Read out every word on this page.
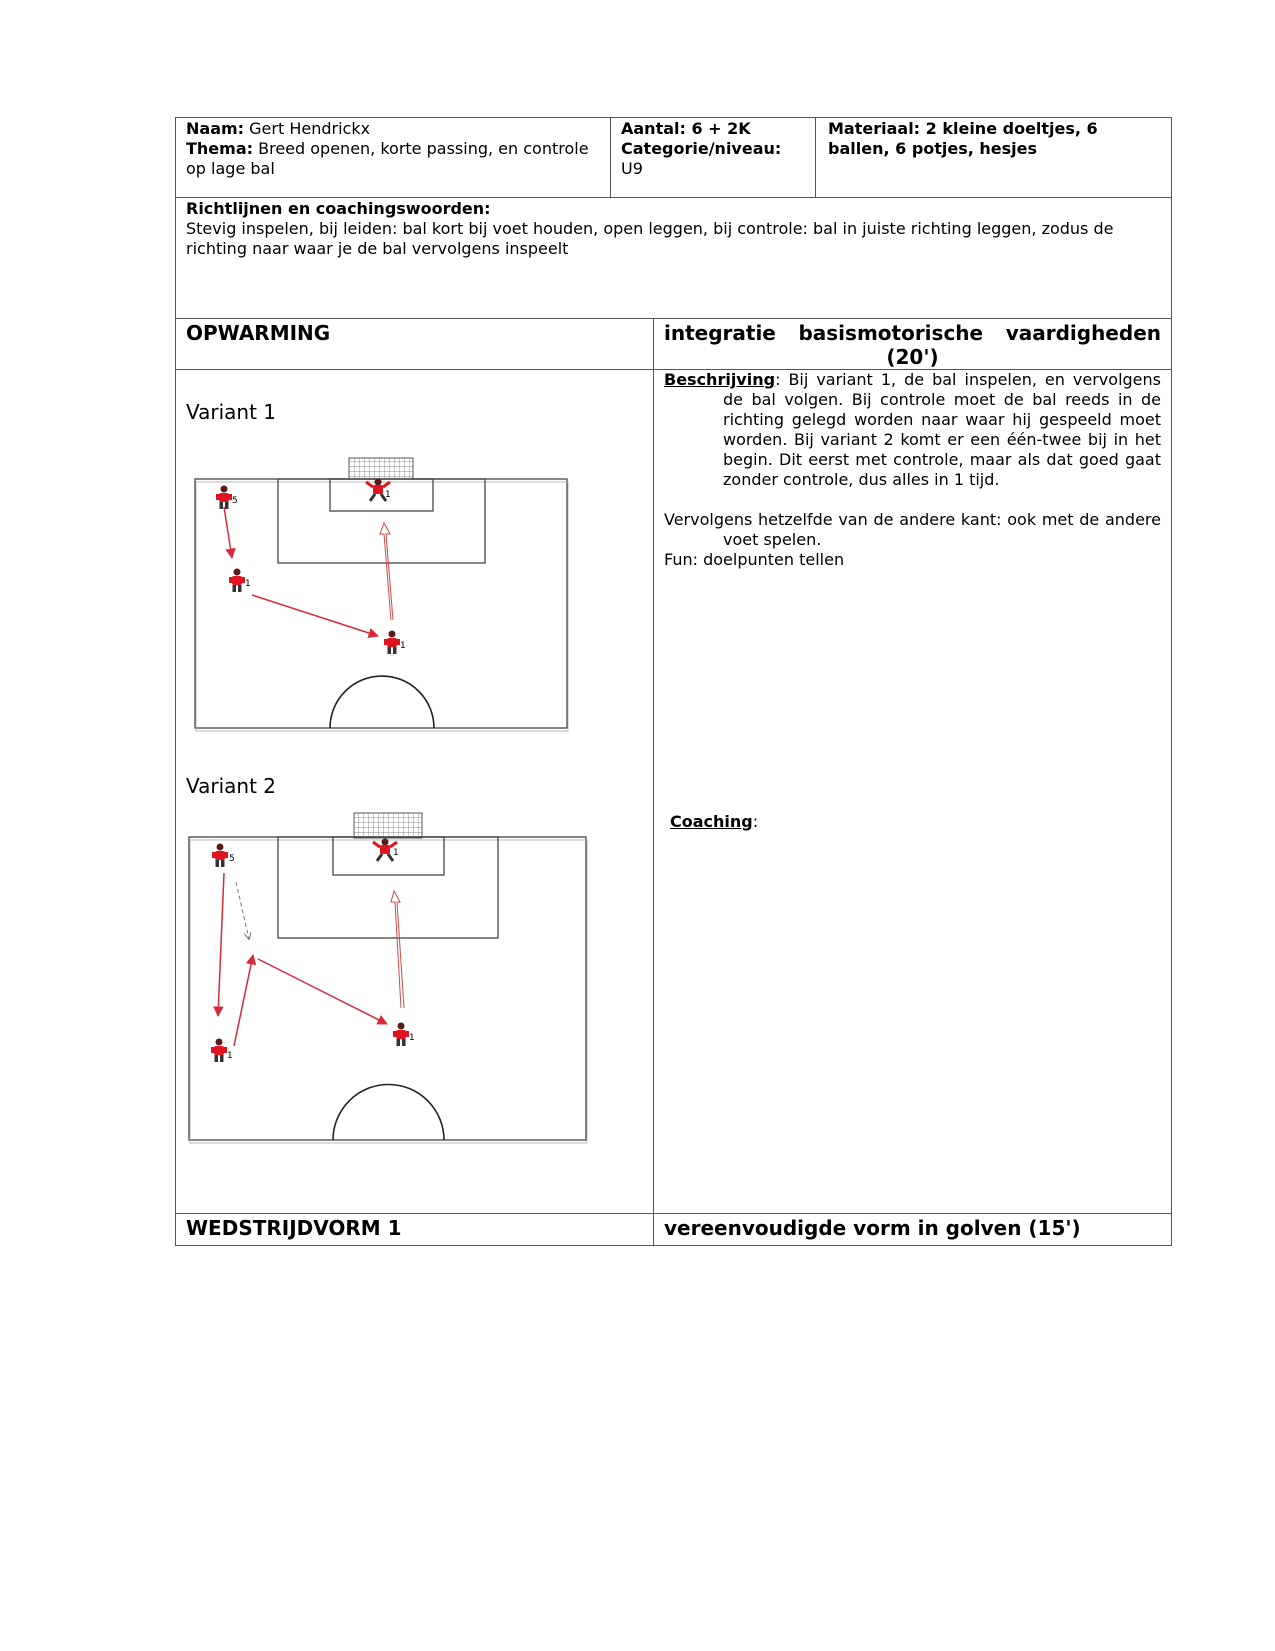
Naam: Gert Hendrickx
Thema: Breed openen, korte passing, en controle op lage bal
Aantal: 6 + 2K
Categorie/niveau:
U9
Materiaal: 2 kleine doeltjes, 6 ballen, 6 potjes, hesjes
Richtlijnen en coachingswoorden:
Stevig inspelen, bij leiden: bal kort bij voet houden, open leggen, bij controle: bal in juiste richting leggen, zodus de richting naar waar je de bal vervolgens inspeelt
OPWARMING	integratie basismotorische vaardigheden (20')
Variant 1
Variant 2
5
1
1
1
5
1
1
1
Beschrijving: Bij variant 1, de bal inspelen, en vervolgens de bal volgen. Bij controle moet de bal reeds in de richting gelegd worden naar waar hij gespeeld moet worden. Bij variant 2 komt er een één-twee bij in het begin. Dit eerst met controle, maar als dat goed gaat zonder controle, dus alles in 1 tijd.
Vervolgens hetzelfde van de andere kant: ook met de andere voet spelen.
Fun: doelpunten tellen
Coaching:
WEDSTRIJDVORM 1	vereenvoudigde vorm in golven (15')
